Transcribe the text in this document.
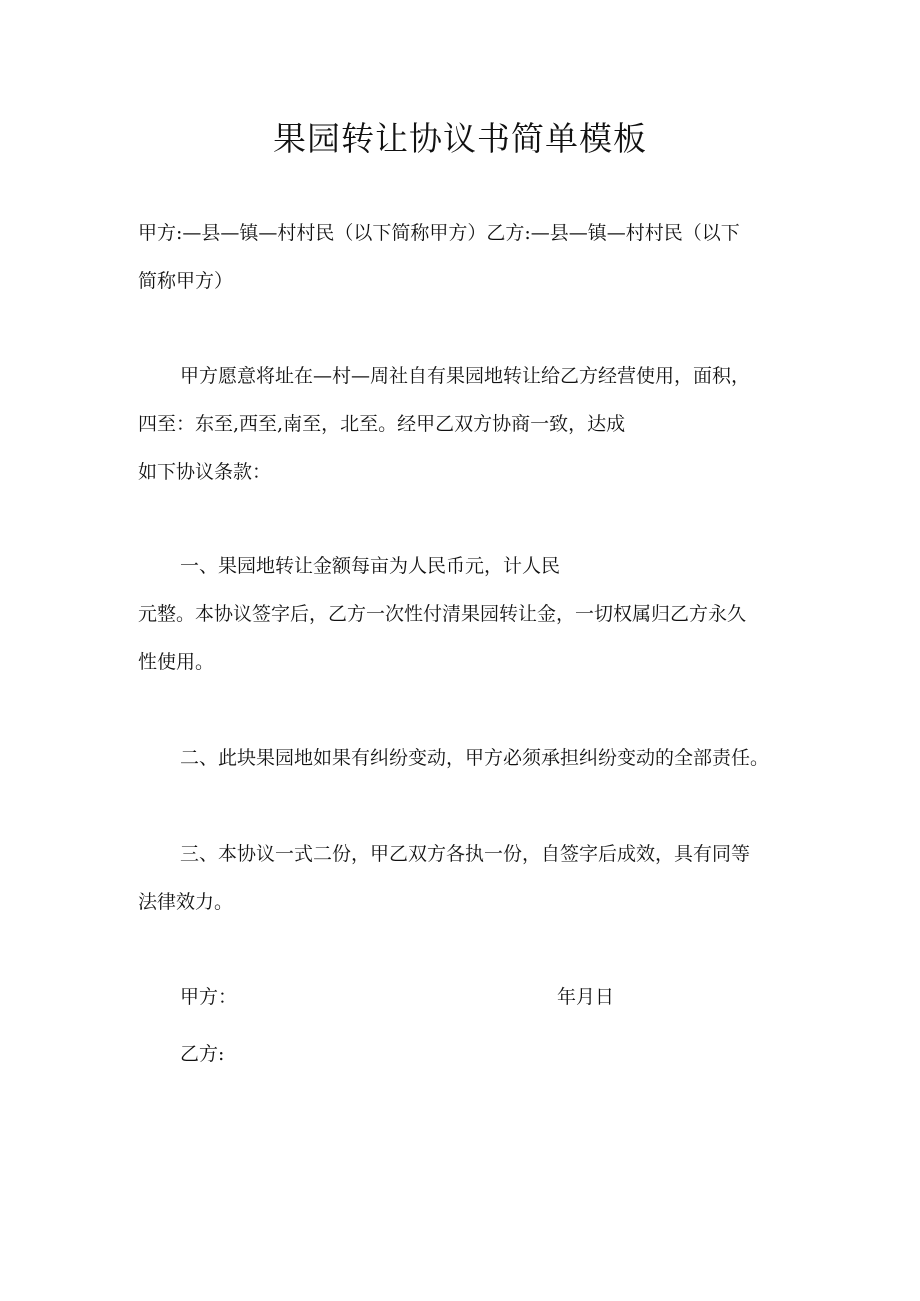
果园转让协议书简单模板
甲方:—县—镇—村村民（以下简称甲方）乙方:—县—镇—村村民（以下
简称甲方）
甲方愿意将址在—村—周社自有果园地转让给乙方经营使用，面积，
四至：东至,西至,南至，北至。经甲乙双方协商一致，达成
如下协议条款：
一、果园地转让金额每亩为人民币元，计人民
元整。本协议签字后，乙方一次性付清果园转让金，一切权属归乙方永久
性使用。
二、此块果园地如果有纠纷变动，甲方必须承担纠纷变动的全部责任。
三、本协议一式二份，甲乙双方各执一份，自签字后成效，具有同等
法律效力。
甲方：	年月日
乙方:
